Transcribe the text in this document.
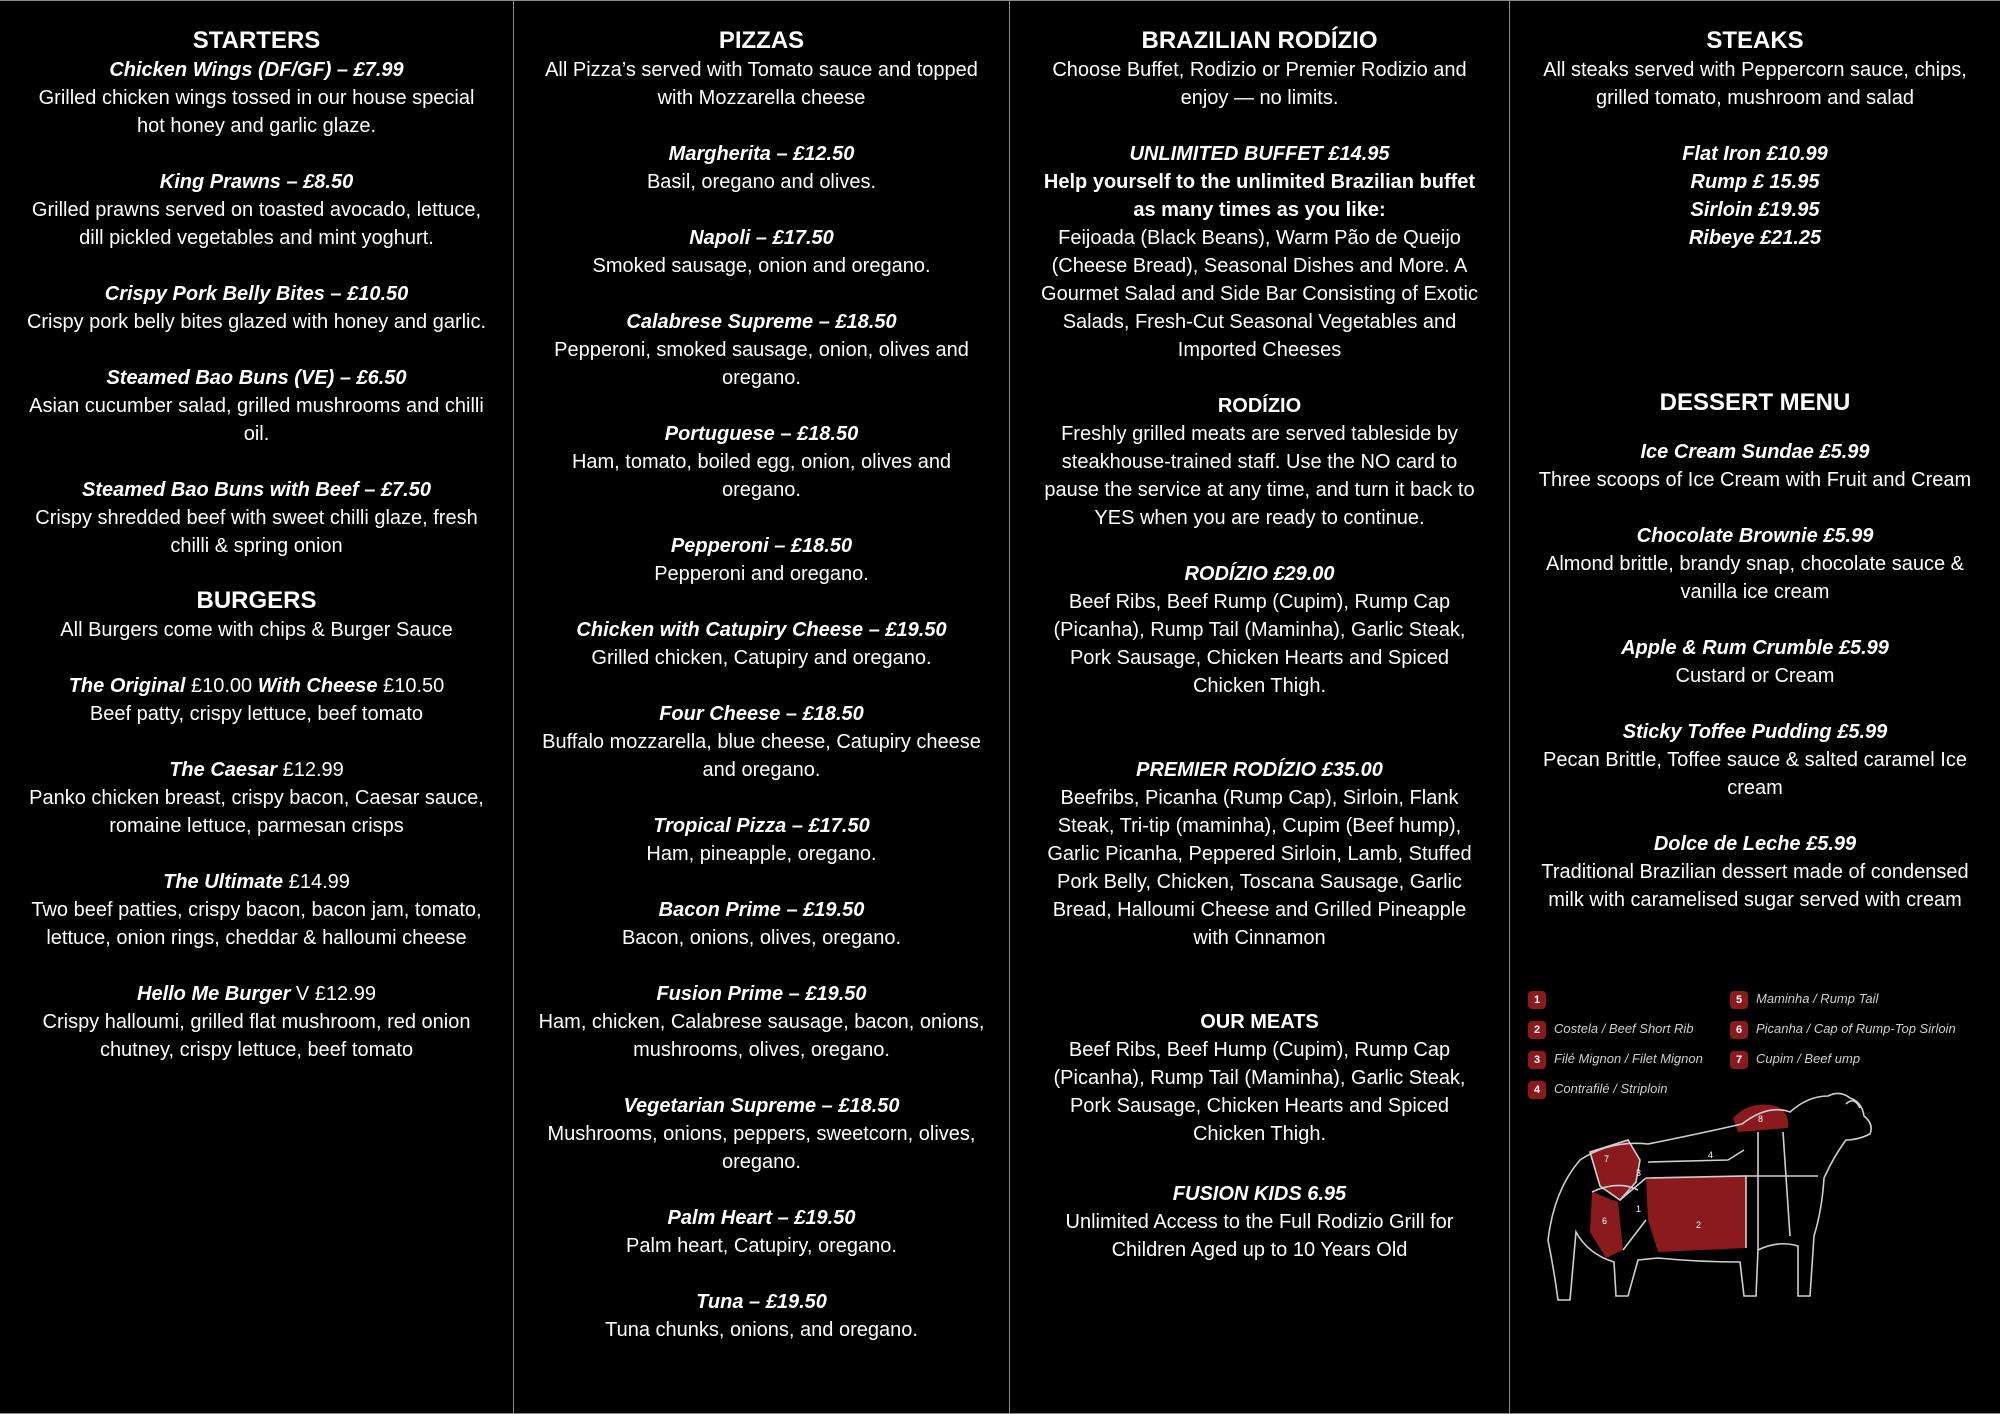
STARTERS

Chicken Wings (DF/GF) – £7.99
Grilled chicken wings tossed in our house special hot honey and garlic glaze.
King Prawns – £8.50
Grilled prawns served on toasted avocado, lettuce, dill pickled vegetables and mint yoghurt.
Crispy Pork Belly Bites – £10.50
Crispy pork belly bites glazed with honey and garlic.
Steamed Bao Buns (VE) – £6.50
Asian cucumber salad, grilled mushrooms and chilli oil.
Steamed Bao Buns with Beef – £7.50
Crispy shredded beef with sweet chilli glaze, fresh chilli & spring onion

BURGERS

All Burgers come with chips & Burger Sauce

The Original £10.00 With Cheese £10.50
Beef patty, crispy lettuce, beef tomato
The Caesar £12.99
Panko chicken breast, crispy bacon, Caesar sauce, romaine lettuce, parmesan crisps
The Ultimate £14.99
Two beef patties, crispy bacon, bacon jam, tomato, lettuce, onion rings, cheddar & halloumi cheese
Hello Me Burger V £12.99
Crispy halloumi, grilled flat mushroom, red onion chutney, crispy lettuce, beef tomato

PIZZAS

All Pizza’s served with Tomato sauce and topped with Mozzarella cheese

Margherita – £12.50
Basil, oregano and olives.
Napoli – £17.50
Smoked sausage, onion and oregano.
Calabrese Supreme – £18.50
Pepperoni, smoked sausage, onion, olives and oregano.
Portuguese – £18.50
Ham, tomato, boiled egg, onion, olives and oregano.
Pepperoni – £18.50
Pepperoni and oregano.
Chicken with Catupiry Cheese – £19.50
Grilled chicken, Catupiry and oregano.
Four Cheese – £18.50
Buffalo mozzarella, blue cheese, Catupiry cheese and oregano.
Tropical Pizza – £17.50
Ham, pineapple, oregano.
Bacon Prime – £19.50
Bacon, onions, olives, oregano.
Fusion Prime – £19.50
Ham, chicken, Calabrese sausage, bacon, onions, mushrooms, olives, oregano.
Vegetarian Supreme – £18.50
Mushrooms, onions, peppers, sweetcorn, olives, oregano.
Palm Heart – £19.50
Palm heart, Catupiry, oregano.
Tuna – £19.50
Tuna chunks, onions, and oregano.

BRAZILIAN RODÍZIO

Choose Buffet, Rodizio or Premier Rodizio and enjoy — no limits.

UNLIMITED BUFFET £14.95
Help yourself to the unlimited Brazilian buffet as many times as you like:
Feijoada (Black Beans), Warm Pão de Queijo (Cheese Bread), Seasonal Dishes and More. A Gourmet Salad and Side Bar Consisting of Exotic Salads, Fresh-Cut Seasonal Vegetables and Imported Cheeses
RODÍZIO
Freshly grilled meats are served tableside by steakhouse-trained staff. Use the NO card to pause the service at any time, and turn it back to YES when you are ready to continue.
RODÍZIO £29.00
Beef Ribs, Beef Rump (Cupim), Rump Cap (Picanha), Rump Tail (Maminha), Garlic Steak, Pork Sausage, Chicken Hearts and Spiced Chicken Thigh.
PREMIER RODÍZIO £35.00
Beefribs, Picanha (Rump Cap), Sirloin, Flank Steak, Tri-tip (maminha), Cupim (Beef hump), Garlic Picanha, Peppered Sirloin, Lamb, Stuffed Pork Belly, Chicken, Toscana Sausage, Garlic Bread, Halloumi Cheese and Grilled Pineapple with Cinnamon
OUR MEATS
Beef Ribs, Beef Hump (Cupim), Rump Cap (Picanha), Rump Tail (Maminha), Garlic Steak, Pork Sausage, Chicken Hearts and Spiced Chicken Thigh.
FUSION KIDS 6.95
Unlimited Access to the Full Rodizio Grill for Children Aged up to 10 Years Old

STEAKS

All steaks served with Peppercorn sauce, chips, grilled tomato, mushroom and salad

Flat Iron £10.99
Rump £ 15.95
Sirloin £19.95
Ribeye £21.25

DESSERT MENU

Ice Cream Sundae £5.99
Three scoops of Ice Cream with Fruit and Cream
Chocolate Brownie £5.99
Almond brittle, brandy snap, chocolate sauce & vanilla ice cream
Apple & Rum Crumble £5.99
Custard or Cream
Sticky Toffee Pudding £5.99
Pecan Brittle, Toffee sauce & salted caramel Ice cream
Dolce de Leche £5.99
Traditional Brazilian dessert made of condensed milk with caramelised sugar served with cream
1
2 Costela / Beef Short Rib
3 Filé Mignon / Filet Mignon
4 Contrafilé / Striploin
5 Maminha / Rump Tail
6 Picanha / Cap of Rump-Top Sirloin
7 Cupim / Beef ump
7	4
8
3
1
6	2
